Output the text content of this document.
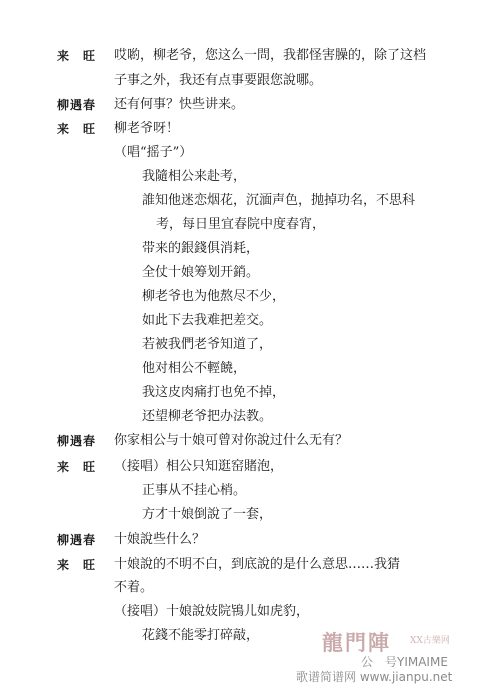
来　旺 哎喲，柳老爷，您这么一問，我都怪害臊的，除了这档
子事之外，我还有点事要跟您說哪。
柳遇春 还有何事？快些讲来。
来　旺 柳老爷呀！
（唱“摇子”）
我隨相公来赴考，
誰知他迷恋烟花，沉湎声色，抛掉功名，不思科
考，每日里宜春院中度春宵，
带来的銀錢俱消耗，
全仗十娘筹划开銷。
柳老爷也为他熬尽不少，
如此下去我难把差交。
若被我們老爷知道了，
他对相公不輕饒，
我这皮肉痛打也免不掉，
还望柳老爷把办法教。
柳遇春 你家相公与十娘可曾对你說过什么无有？
来　旺 （接唱）相公只知逛窑賭泡，
正事从不挂心梢。
方才十娘倒說了一套，
柳遇春 十娘說些什么？
来　旺 十娘說的不明不白，到底說的是什么意思……我猜
不着。
（接唱）十娘說妓院鴇儿如虎豹，
花錢不能零打碎敲，	龍門陣 XX古樂网
公　号YIMAIME
歌谱简谱网 www.jianpu.net
